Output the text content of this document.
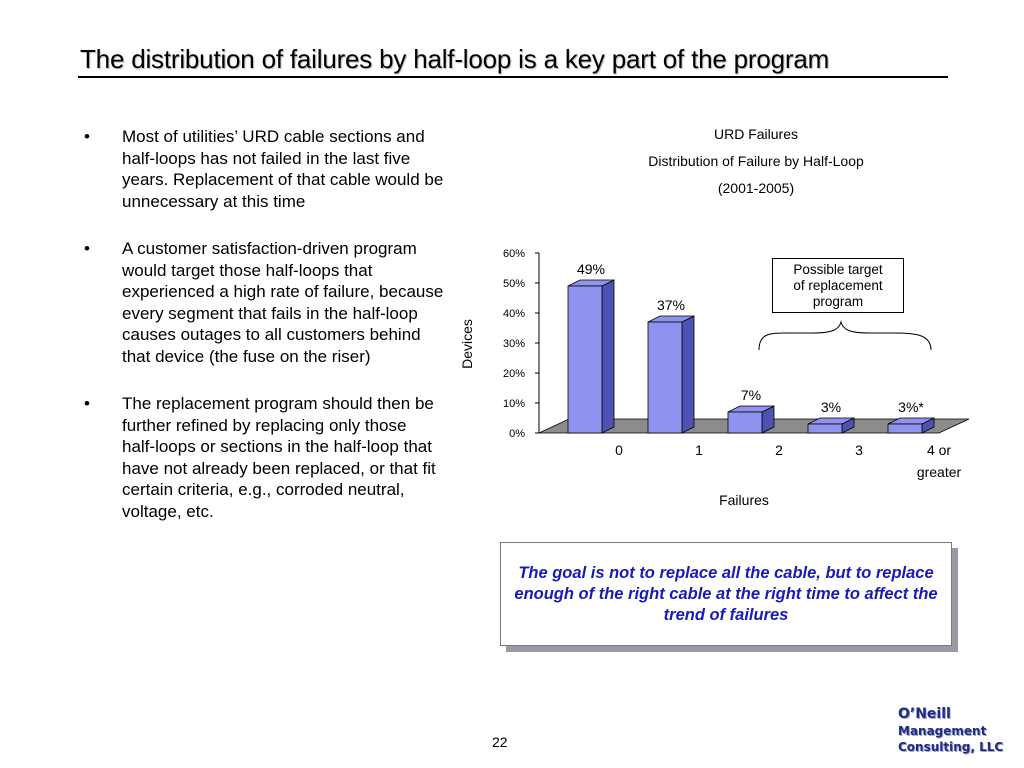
The distribution of failures by half-loop is a key part of the program
• Most of utilities’ URD cable sections and half-loops has not failed in the last five years. Replacement of that cable would be unnecessary at this time
• A customer satisfaction-driven program would target those half-loops that experienced a high rate of failure, because every segment that fails in the half-loop causes outages to all customers behind that device (the fuse on the riser)
• The replacement program should then be further refined by replacing only those half-loops or sections in the half-loop that have not already been replaced, or that fit certain criteria, e.g., corroded neutral, voltage, etc.
URD Failures
Distribution of Failure by Half-Loop
(2001-2005)
0%
10%
20%
30%
40%
50%
60%
Devices
49%
0
37%
1
7%
2
3%
3
3%*
4 or
greater
Failures
Possible target
of replacement
program
The goal is not to replace all the cable, but to replace enough of the right cable at the right time to affect the trend of failures
22
O’Neill
Management
Consulting, LLC
